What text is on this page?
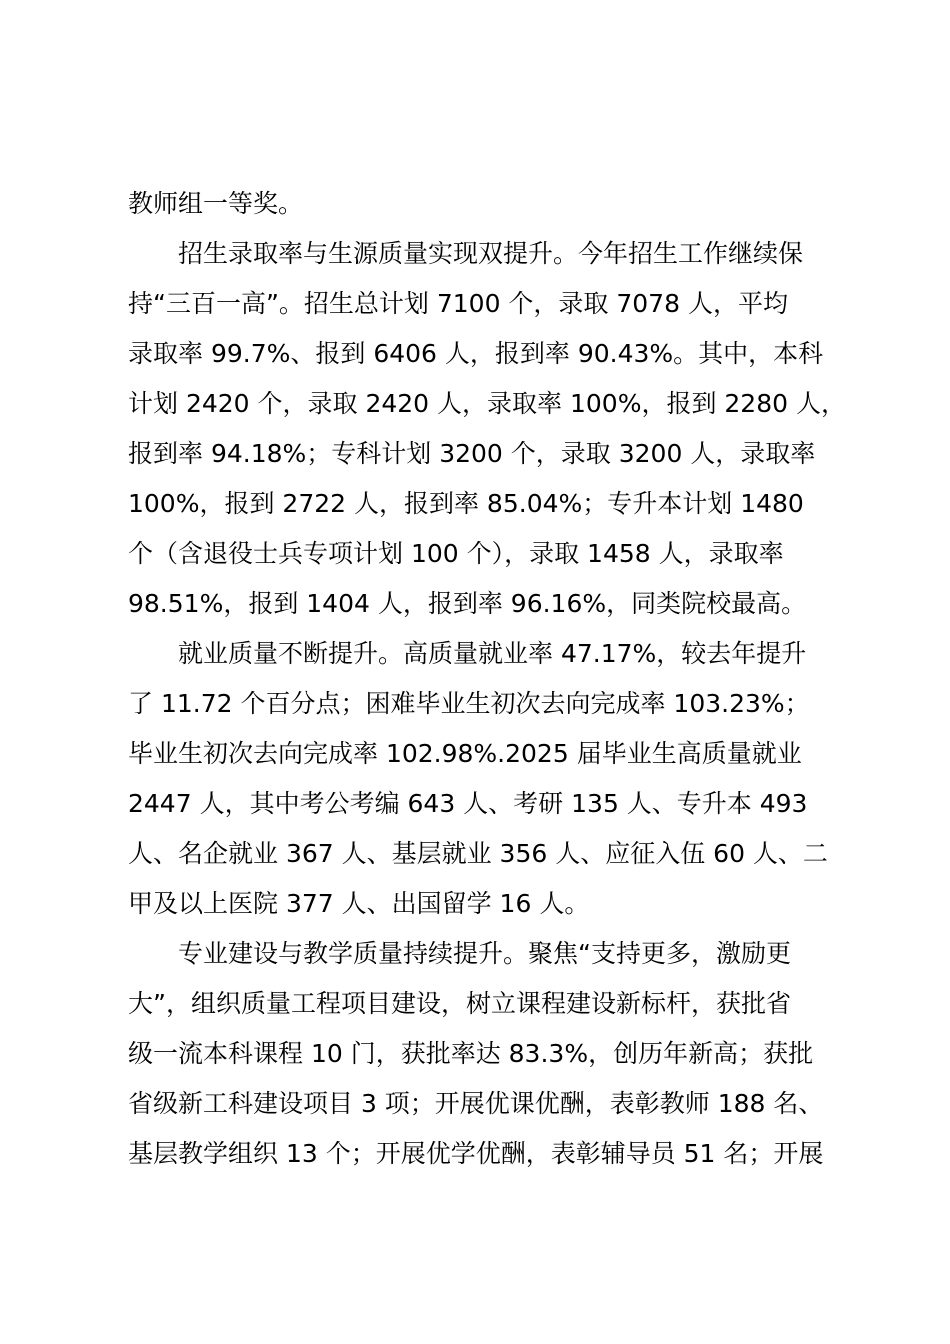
教师组一等奖。
招生录取率与生源质量实现双提升。今年招生工作继续保
持“三百一高”。招生总计划 7100 个，录取 7078 人，平均
录取率 99.7%、报到 6406 人，报到率 90.43%。其中，本科
计划 2420 个，录取 2420 人，录取率 100%，报到 2280 人，
报到率 94.18%；专科计划 3200 个，录取 3200 人，录取率
100%，报到 2722 人，报到率 85.04%；专升本计划 1480
个（含退役士兵专项计划 100 个），录取 1458 人，录取率
98.51%，报到 1404 人，报到率 96.16%，同类院校最高。
就业质量不断提升。高质量就业率 47.17%，较去年提升
了 11.72 个百分点；困难毕业生初次去向完成率 103.23%；
毕业生初次去向完成率 102.98%.2025 届毕业生高质量就业
2447 人，其中考公考编 643 人、考研 135 人、专升本 493
人、名企就业 367 人、基层就业 356 人、应征入伍 60 人、二
甲及以上医院 377 人、出国留学 16 人。
专业建设与教学质量持续提升。聚焦“支持更多，激励更
大”，组织质量工程项目建设，树立课程建设新标杆，获批省
级一流本科课程 10 门，获批率达 83.3%，创历年新高；获批
省级新工科建设项目 3 项；开展优课优酬，表彰教师 188 名、
基层教学组织 13 个；开展优学优酬，表彰辅导员 51 名；开展
